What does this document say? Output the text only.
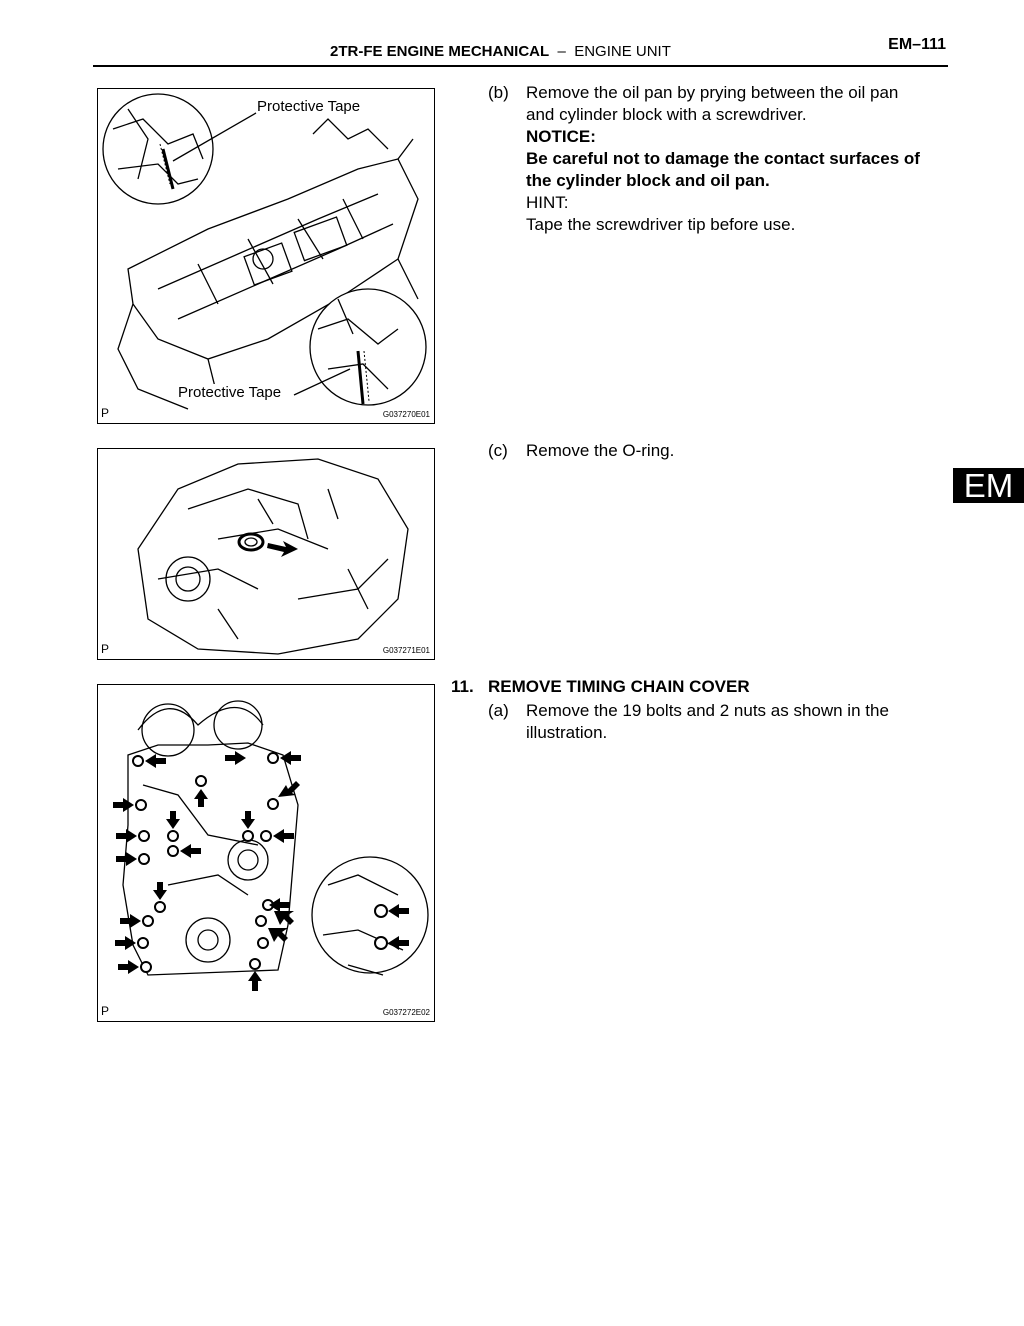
2TR-FE ENGINE MECHANICAL – ENGINE UNIT	EM–111
EM
Protective Tape
Protective Tape
P	G037270E01
P	G037271E01
P	G037272E02
(b) Remove the oil pan by prying between the oil pan
and cylinder block with a screwdriver.
NOTICE:
Be careful not to damage the contact surfaces of
the cylinder block and oil pan.
HINT:
Tape the screwdriver tip before use.
(c) Remove the O-ring.
11. REMOVE TIMING CHAIN COVER
(a) Remove the 19 bolts and 2 nuts as shown in the
illustration.
